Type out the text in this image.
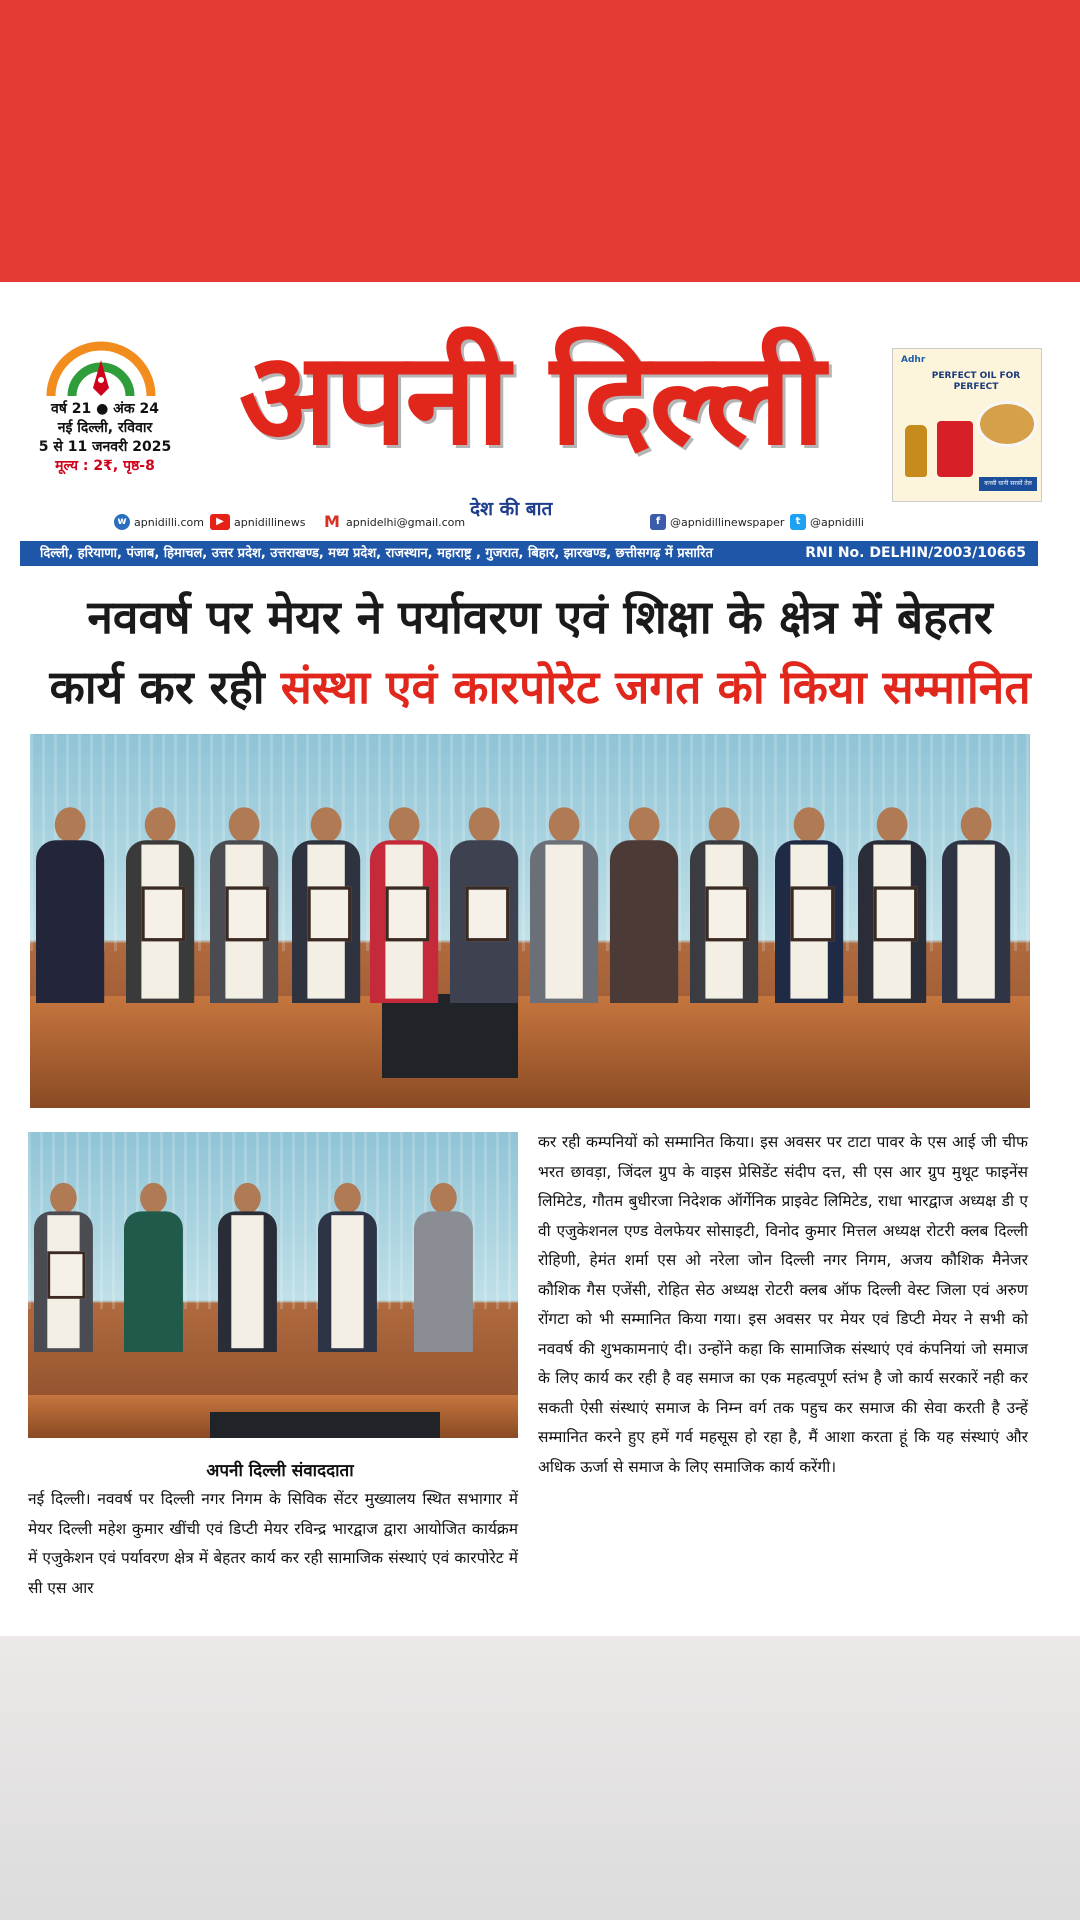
वर्ष 21 ● अंक 24
नई दिल्ली, रविवार
5 से 11 जनवरी 2025
मूल्य : 2₹, पृष्ठ-8 अपनी दिल्ली
देश की बात
Adhr
PERFECT OIL FOR PERFECT
कच्ची घानी सरसों तेल
w apnidilli.com	▶ apnidillinews M apnidelhi@gmail.com	f @apnidillinewspaper	t @apnidilli
दिल्ली, हरियाणा, पंजाब, हिमाचल, उत्तर प्रदेश, उत्तराखण्ड, मध्य प्रदेश, राजस्थान, महाराष्ट्र , गुजरात, बिहार, झारखण्ड, छत्तीसगढ़ में प्रसारित	RNI No. DELHIN/2003/10665
नववर्ष पर मेयर ने पर्यावरण एवं शिक्षा के क्षेत्र में बेहतर
कार्य कर रही संस्था एवं कारपोरेट जगत को किया सम्मानित
अपनी दिल्ली संवाददाता
नई दिल्ली। नववर्ष पर दिल्ली नगर निगम के सिविक सेंटर मुख्यालय स्थित सभागार में मेयर दिल्ली महेश कुमार खींची एवं डिप्टी मेयर रविन्द्र भारद्वाज द्वारा आयोजित कार्यक्रम में एजुकेशन एवं पर्यावरण क्षेत्र में बेहतर कार्य कर रही सामाजिक संस्थाएं एवं कारपोरेट में सी एस आर
कर रही कम्पनियों को सम्मानित किया। इस अवसर पर टाटा पावर के एस आई जी चीफ भरत छावड़ा, जिंदल ग्रुप के वाइस प्रेसिडेंट संदीप दत्त, सी एस आर ग्रुप मुथूट फाइनेंस लिमिटेड, गौतम बुधीरजा निदेशक ऑर्गेनिक प्राइवेट लिमिटेड, राधा भारद्वाज अध्यक्ष डी ए वी एजुकेशनल एण्ड वेलफेयर सोसाइटी, विनोद कुमार मित्तल अध्यक्ष रोटरी क्लब दिल्ली रोहिणी, हेमंत शर्मा एस ओ नरेला जोन दिल्ली नगर निगम, अजय कौशिक मैनेजर कौशिक गैस एजेंसी, रोहित सेठ अध्यक्ष रोटरी क्लब ऑफ दिल्ली वेस्ट जिला एवं अरुण रोंगटा को भी सम्मानित किया गया। इस अवसर पर मेयर एवं डिप्टी मेयर ने सभी को नववर्ष की शुभकामनाएं दी। उन्होंने कहा कि सामाजिक संस्थाएं एवं कंपनियां जो समाज के लिए कार्य कर रही है वह समाज का एक महत्वपूर्ण स्तंभ है जो कार्य सरकारें नही कर सकती ऐसी संस्थाएं समाज के निम्न वर्ग तक पहुच कर समाज की सेवा करती है उन्हें सम्मानित करने हुए हमें गर्व महसूस हो रहा है, मैं आशा करता हूं कि यह संस्थाएं और अधिक ऊर्जा से समाज के लिए समाजिक कार्य करेंगी।
